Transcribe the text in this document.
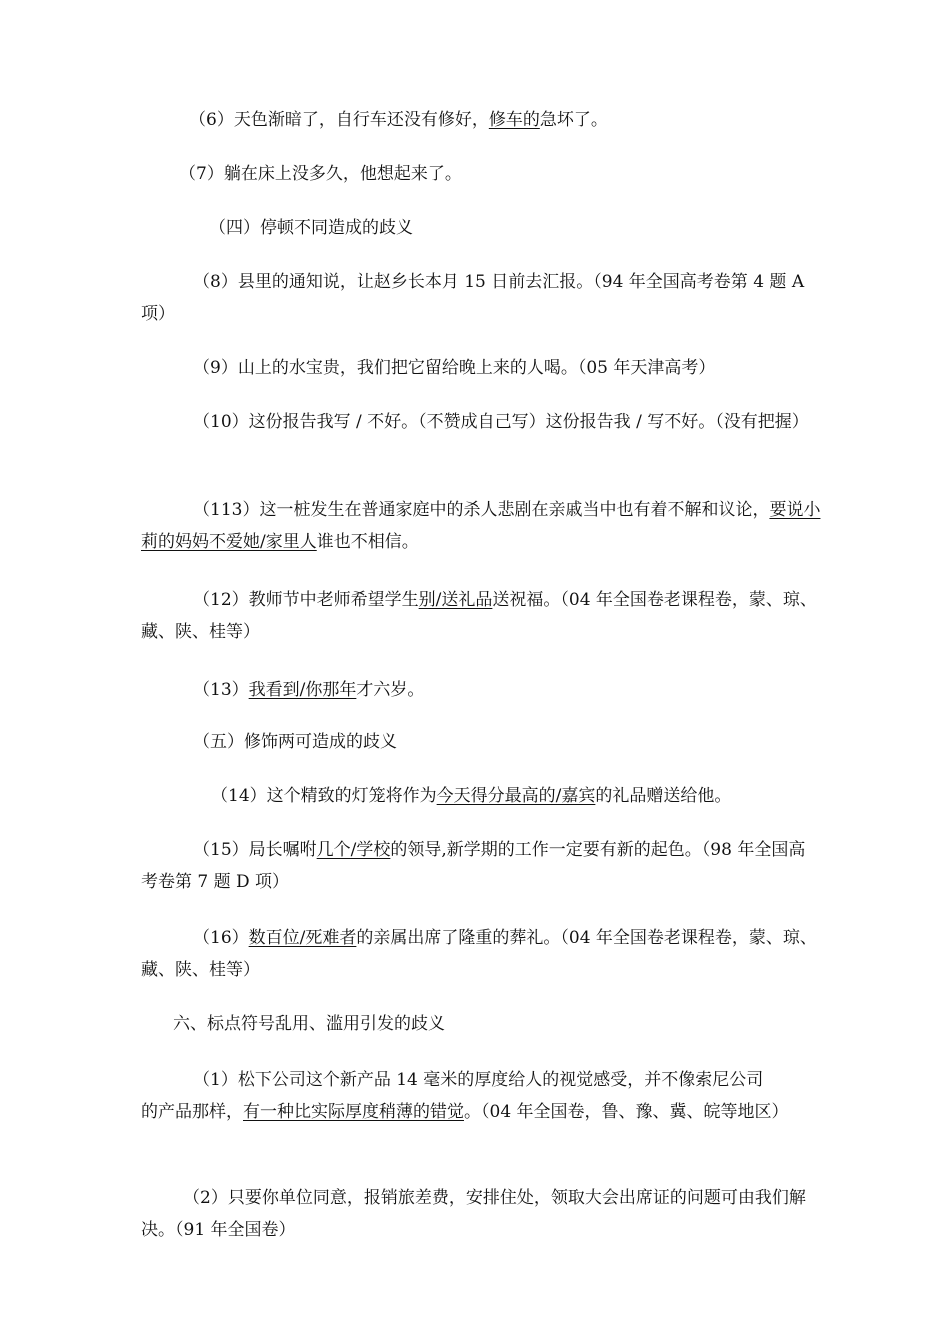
（6）天色渐暗了，自行车还没有修好，修车的急坏了。

（7）躺在床上没多久，他想起来了。

（四）停顿不同造成的歧义

（8）县里的通知说，让赵乡长本月 15 日前去汇报。（94 年全国高考卷第 4 题 A 项）

（9）山上的水宝贵，我们把它留给晚上来的人喝。（05 年天津高考）

（10）这份报告我写 / 不好。（不赞成自己写）这份报告我 / 写不好。（没有把握）

（113）这一桩发生在普通家庭中的杀人悲剧在亲戚当中也有着不解和议论，要说小莉的妈妈不爱她/家里人谁也不相信。

（12）教师节中老师希望学生别/送礼品送祝福。（04 年全国卷老课程卷，蒙、琼、藏、陕、桂等）

（13）我看到/你那年才六岁。

（五）修饰两可造成的歧义

（14）这个精致的灯笼将作为今天得分最高的/嘉宾的礼品赠送给他。

（15）局长嘱咐几个/学校的领导,新学期的工作一定要有新的起色。（98 年全国高考卷第 7 题 D 项）

（16）数百位/死难者的亲属出席了隆重的葬礼。（04 年全国卷老课程卷，蒙、琼、藏、陕、桂等）

六、标点符号乱用、滥用引发的歧义

（1）松下公司这个新产品 14 毫米的厚度给人的视觉感受，并不像索尼公司
的产品那样，有一种比实际厚度稍薄的错觉。（04 年全国卷，鲁、豫、冀、皖等地区）

（2）只要你单位同意，报销旅差费，安排住处，领取大会出席证的问题可由我们解决。（91 年全国卷）
